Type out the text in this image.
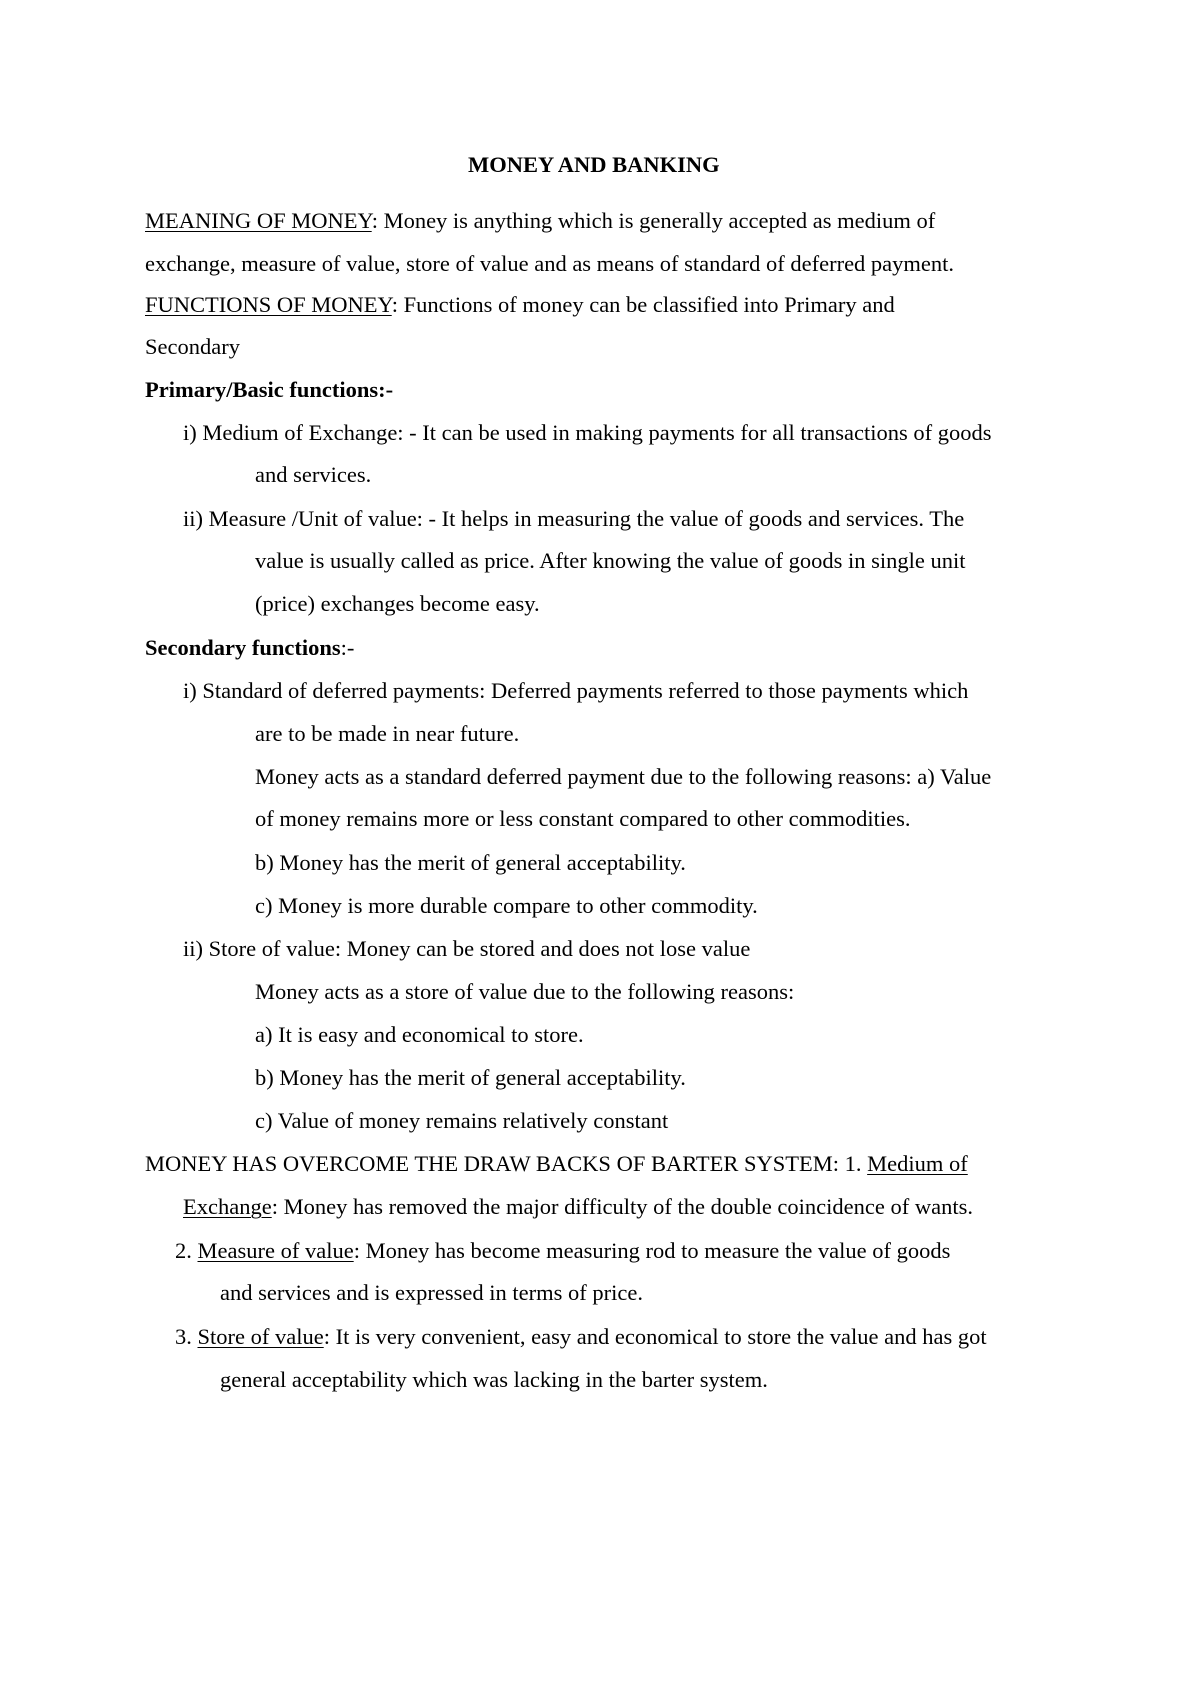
MONEY AND BANKING
MEANING OF MONEY: Money is anything which is generally accepted as medium of
exchange, measure of value, store of value and as means of standard of deferred payment.
FUNCTIONS OF MONEY: Functions of money can be classified into Primary and
Secondary
Primary/Basic functions:-
i) Medium of Exchange: - It can be used in making payments for all transactions of goods
and services.
ii) Measure /Unit of value: - It helps in measuring the value of goods and services. The
value is usually called as price. After knowing the value of goods in single unit
(price) exchanges become easy.
Secondary functions:-
i) Standard of deferred payments: Deferred payments referred to those payments which
are to be made in near future.
Money acts as a standard deferred payment due to the following reasons: a) Value
of money remains more or less constant compared to other commodities.
b) Money has the merit of general acceptability.
c) Money is more durable compare to other commodity.
ii) Store of value: Money can be stored and does not lose value
Money acts as a store of value due to the following reasons:
a) It is easy and economical to store.
b) Money has the merit of general acceptability.
c) Value of money remains relatively constant
MONEY HAS OVERCOME THE DRAW BACKS OF BARTER SYSTEM: 1. Medium of
Exchange: Money has removed the major difficulty of the double coincidence of wants.
2. Measure of value: Money has become measuring rod to measure the value of goods
and services and is expressed in terms of price.
3. Store of value: It is very convenient, easy and economical to store the value and has got
general acceptability which was lacking in the barter system.
